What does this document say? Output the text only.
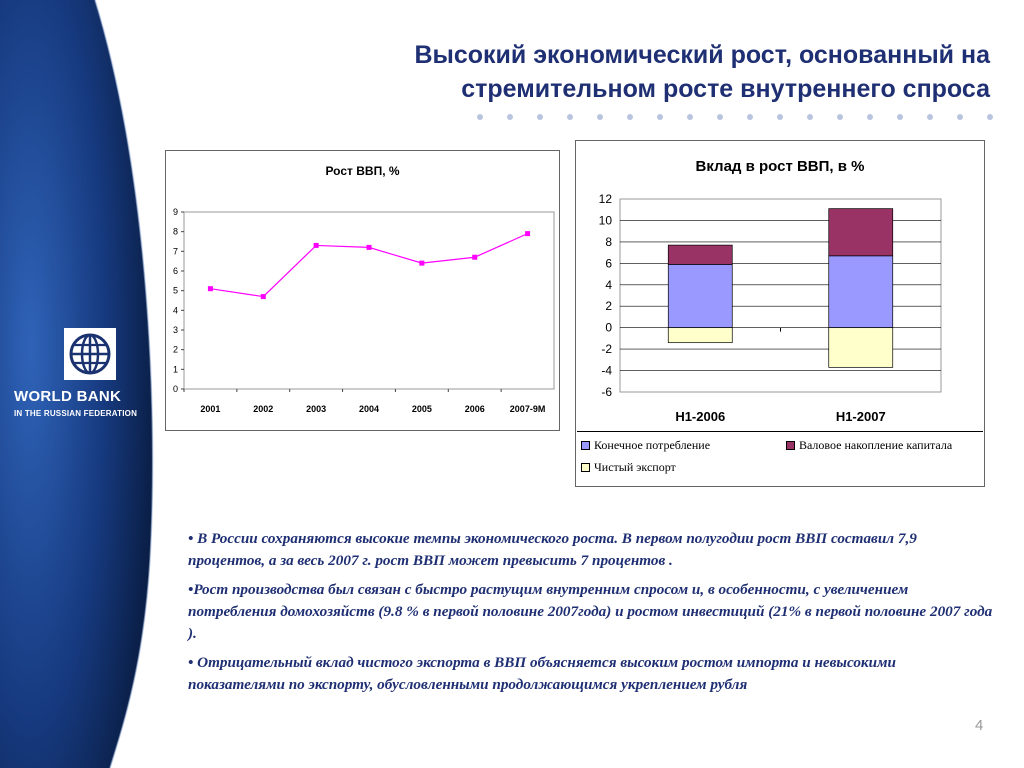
WORLD BANK
IN THE RUSSIAN FEDERATION
Высокий экономический рост, основанный на
стремительном росте внутреннего спроса
Рост ВВП, %
0
1
2
3
4
5
6
7
8
9
2001	2002	2003	2004	2005	2006	2007-9M
Вклад в рост ВВП, в %
12
10
8
6
4
2
0
-2
-4
-6
H1-2006	H1-2007
Конечное потребление	Валовое накопление капитала
Чистый экспорт

• В России сохраняются высокие темпы экономического роста. В первом полугодии рост ВВП составил 7,9 процентов, а за весь 2007 г. рост ВВП может превысить 7 процентов .

•Рост производства был связан с быстро растущим внутренним спросом и, в особенности, с увеличением потребления домохозяйств (9.8 % в первой половине 2007года) и ростом инвестиций (21% в первой половине 2007 года ).

• Отрицательный вклад чистого экспорта в ВВП объясняется высоким ростом импорта и невысокими показателями по экспорту, обусловленными продолжающимся укреплением рубля

4
